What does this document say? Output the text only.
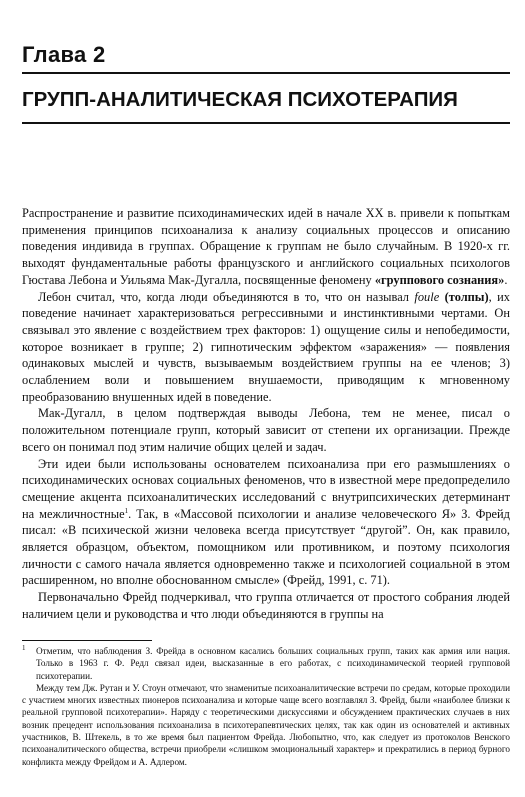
Глава 2
ГРУПП-АНАЛИТИЧЕСКАЯ ПСИХОТЕРАПИЯ

Распространение и развитие психодинамических идей в начале XX в. привели к попыткам применения принципов психоанализа к анализу социальных процессов и описанию поведения индивида в группах. Обращение к группам не было случайным. В 1920-х гг. выходят фундаментальные работы французского и английского социальных психологов Гюстава Лебона и Уильяма Мак-Дугалла, посвященные феномену «группового сознания».

Лебон считал, что, когда люди объединяются в то, что он называл foule (толпы), их поведение начинает характеризоваться регрессивными и инстинктивными чертами. Он связывал это явление с воздействием трех факторов: 1) ощущение силы и непобедимости, которое возникает в группе; 2) гипнотическим эффектом «заражения» — появления одинаковых мыслей и чувств, вызываемым воздействием группы на ее членов; 3) ослаблением воли и повышением внушаемости, приводящим к мгновенному преобразованию внушенных идей в поведение.

Мак-Дугалл, в целом подтверждая выводы Лебона, тем не менее, писал о положительном потенциале групп, который зависит от степени их организации. Прежде всего он понимал под этим наличие общих целей и задач.

Эти идеи были использованы основателем психоанализа при его размышлениях о психодинамических основах социальных феноменов, что в известной мере предопределило смещение акцента психоаналитических исследований с внутрипсихических детерминант на межличностные$^1$. Так, в «Массовой психологии и анализе человеческого Я» З. Фрейд писал: «В психической жизни человека всегда присутствует “другой”. Он, как правило, является образцом, объектом, помощником или противником, и поэтому психология личности с самого начала является одновременно также и психологией социальной в этом расширенном, но вполне обоснованном смысле» (Фрейд, 1991, с. 71).

Первоначально Фрейд подчеркивал, что группа отличается от простого собрания людей наличием цели и руководства и что люди объединяются в группы на

$^1$ Отметим, что наблюдения З. Фрейда в основном касались больших социальных групп, таких как армия или нация. Только в 1963 г. Ф. Редл связал идеи, высказанные в его работах, с психодинамической теорией групповой психотерапии.

Между тем Дж. Рутан и У. Стоун отмечают, что знаменитые психоаналитические встречи по средам, которые проходили с участием многих известных пионеров психоанализа и которые чаще всего возглавлял З. Фрейд, были «наиболее близки к реальной групповой психотерапии». Наряду с теоретическими дискуссиями и обсуждением практических случаев в них возник прецедент использования психоанализа в психотерапевтических целях, так как один из основателей и активных участников, В. Штекель, в то же время был пациентом Фрейда. Любопытно, что, как следует из протоколов Венского психоаналитического общества, встречи приобрели «слишком эмоциональный характер» и прекратились в период бурного конфликта между Фрейдом и А. Адлером.
